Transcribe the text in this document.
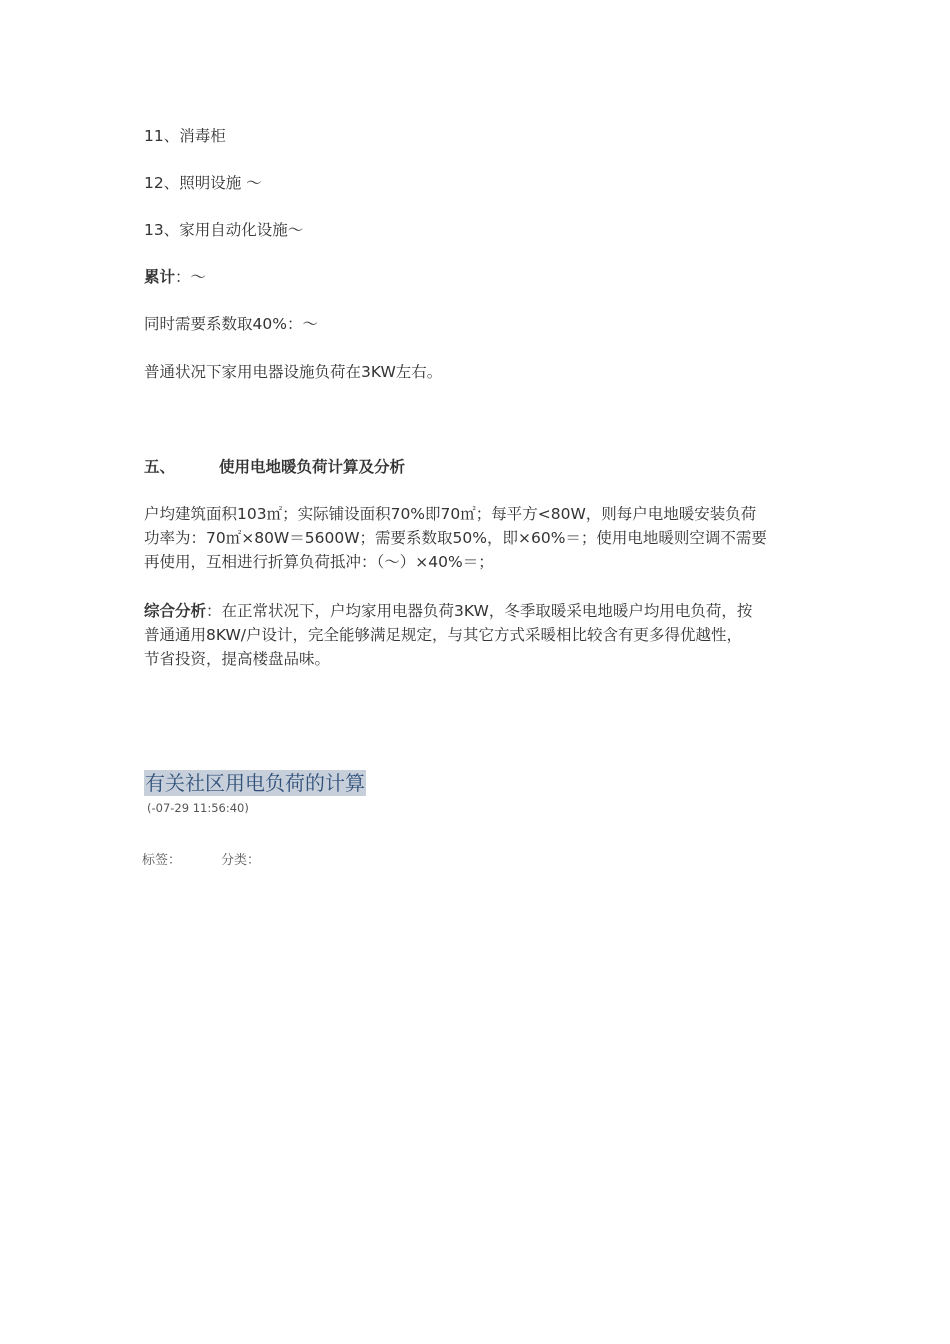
11、消毒柜
12、照明设施 ～
13、家用自动化设施～
累计：～
同时需要系数取40%：～
普通状况下家用电器设施负荷在3KW左右。
五、	使用电地暖负荷计算及分析
户均建筑面积103㎡；实际铺设面积70%即70㎡；每平方<80W，则每户电地暖安装负荷
功率为：70㎡×80W＝5600W；需要系数取50%，即×60%＝；使用电地暖则空调不需要
再使用，互相进行折算负荷抵冲：（～）×40%＝；
综合分析：在正常状况下，户均家用电器负荷3KW，冬季取暖采电地暖户均用电负荷，按
普通通用8KW/户设计，完全能够满足规定，与其它方式采暖相比较含有更多得优越性，
节省投资，提高楼盘品味。
有关社区用电负荷的计算
(-07-29 11:56:40)
标签：	分类：
